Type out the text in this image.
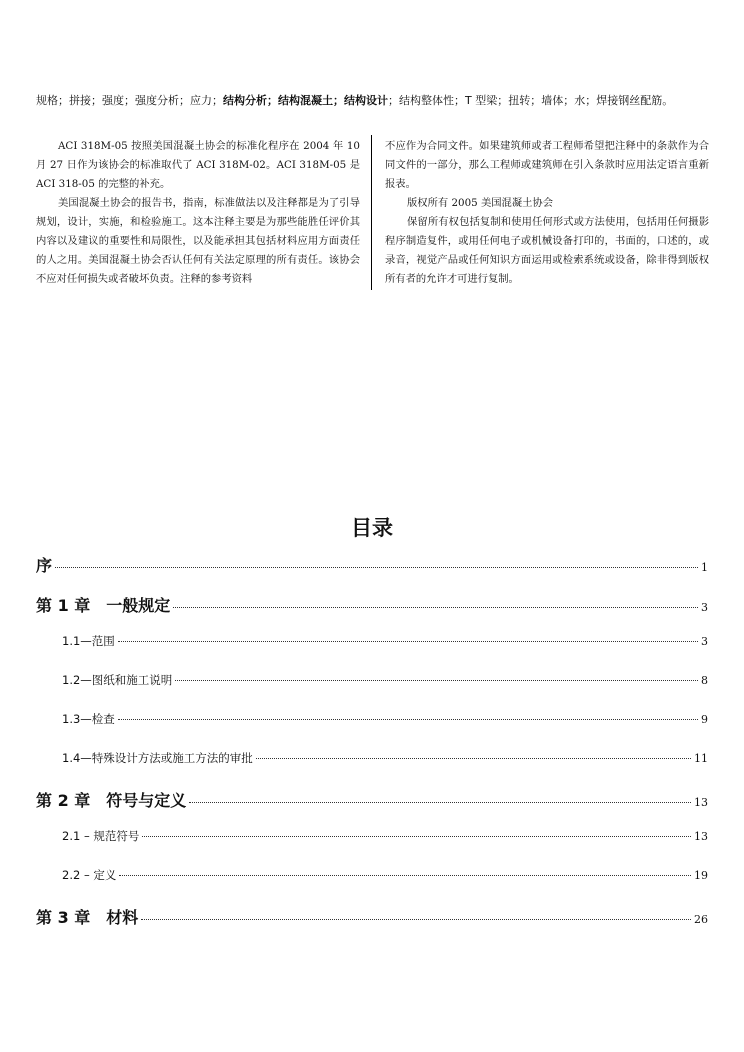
规格；拼接；强度；强度分析；应力；结构分析；结构混凝土；结构设计；结构整体性；T 型梁；扭转；墙体；水；焊接钢丝配筋。

ACI 318M-05 按照美国混凝土协会的标准化程序在 2004 年 10 月 27 日作为该协会的标准取代了 ACI 318M-02。ACI 318M-05 是 ACI 318-05 的完整的补充。

美国混凝土协会的报告书，指南，标准做法以及注释都是为了引导规划，设计，实施，和检验施工。这本注释主要是为那些能胜任评价其内容以及建议的重要性和局限性，以及能承担其包括材料应用方面责任的人之用。美国混凝土协会否认任何有关法定原理的所有责任。该协会不应对任何损失或者破坏负责。注释的参考资料

不应作为合同文件。如果建筑师或者工程师希望把注释中的条款作为合同文件的一部分，那么工程师或建筑师在引入条款时应用法定语言重新报表。

版权所有 2005 美国混凝土协会

保留所有权包括复制和使用任何形式或方法使用，包括用任何摄影程序制造复件，或用任何电子或机械设备打印的，书面的，口述的，或录音，视觉产品或任何知识方面运用或检索系统或设备，除非得到版权所有者的允许才可进行复制。

目录
序	1
第 1 章　一般规定	3
1.1—范围	3
1.2—图纸和施工说明	8
1.3—检查	9
1.4—特殊设计方法或施工方法的审批	11
第 2 章　符号与定义	13
2.1 – 规范符号	13
2.2 – 定义	19
第 3 章　材料	26
